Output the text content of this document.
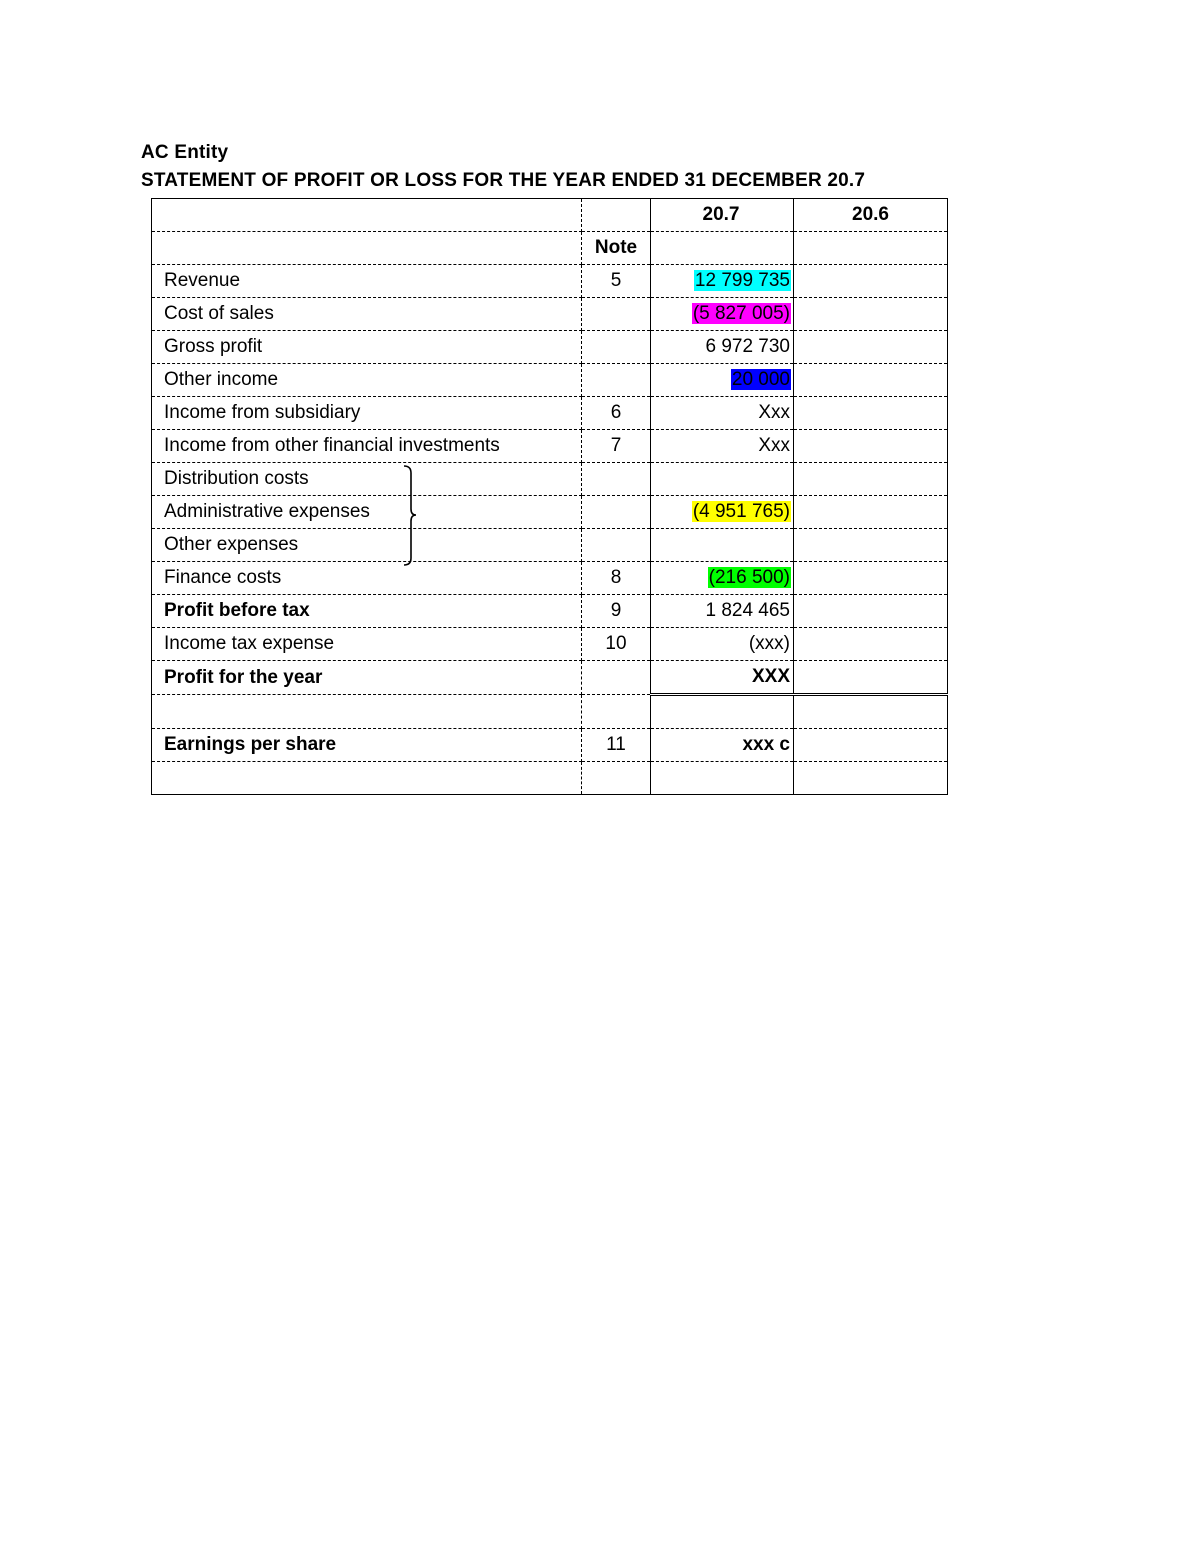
AC Entity
STATEMENT OF PROFIT OR LOSS FOR THE YEAR ENDED 31 DECEMBER 20.7
		20.7	20.6
	Note		
Revenue	5	12 799 735	
Cost of sales		(5 827 005)	
Gross profit		6 972 730	
Other income		20 000	
Income from subsidiary	6	Xxx	
Income from other financial investments	7	Xxx	
Distribution costs			
Administrative expenses		(4 951 765)	
Other expenses			
Finance costs	8	(216 500)	
Profit before tax	9	1 824 465	
Income tax expense	10	(xxx)	
Profit for the year		XXX	

Earnings per share	11	xxx c	
